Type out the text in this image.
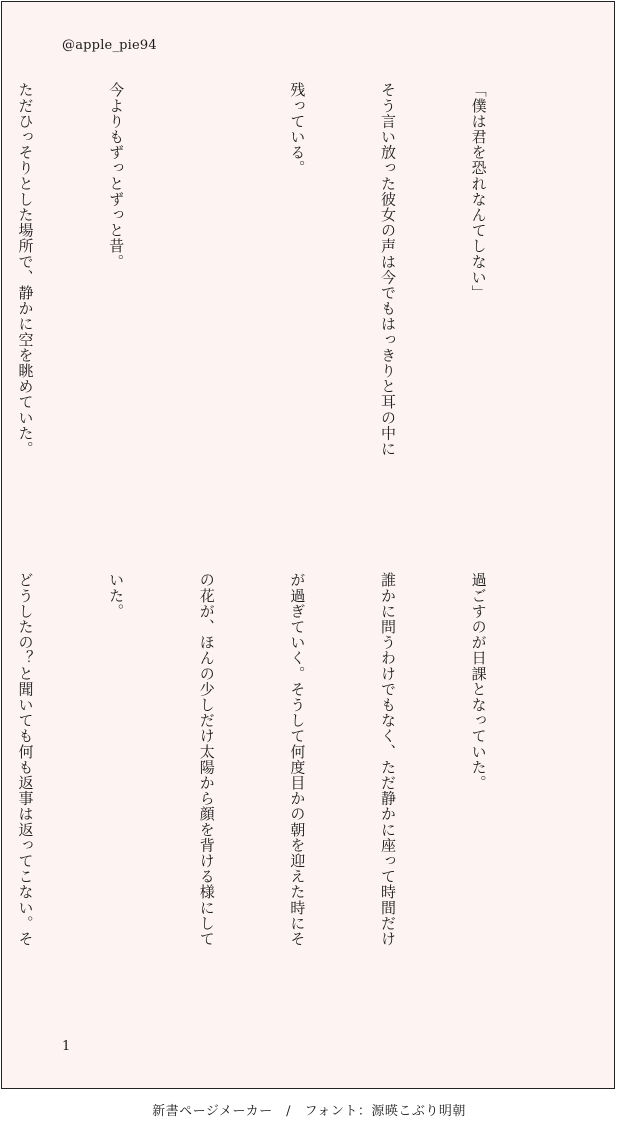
@apple_pie94

「僕は君を恐れなんてしない」

そう言い放った彼女の声は今でもはっきりと耳の中に

残っている。

今よりもずっとずっと昔。

ただひっそりとした場所で、静かに空を眺めていた。

過ごすのが日課となっていた。

誰かに問うわけでもなく、ただ静かに座って時間だけ

が過ぎていく。そうして何度目かの朝を迎えた時にそ

の花が、ほんの少しだけ太陽から顔を背ける様にして

いた。

どうしたの？と聞いても何も返事は返ってこない。そ

1
新書ページメーカー　/　フォント：源暎こぶり明朝
